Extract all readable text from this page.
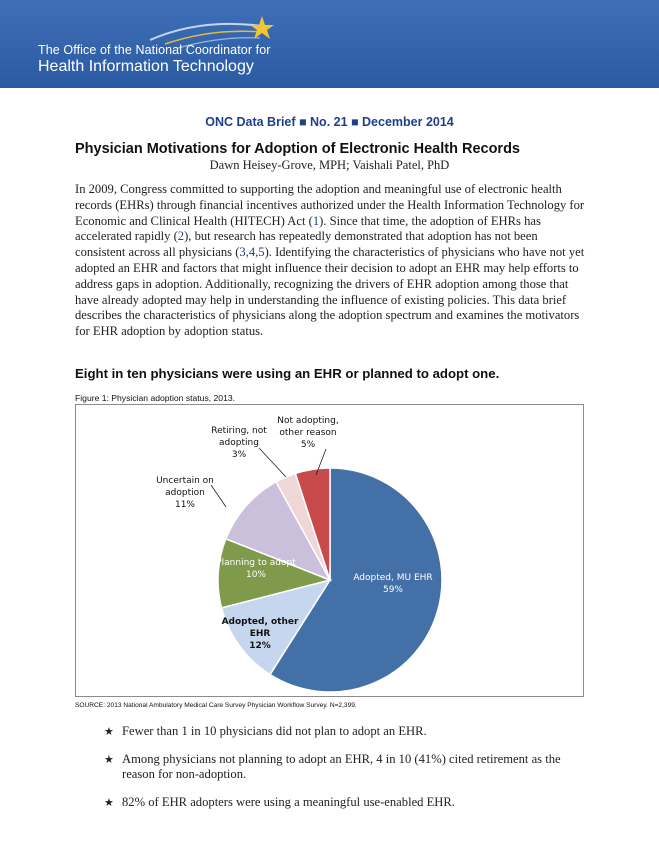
The Office of the National Coordinator for
Health Information Technology
ONC Data Brief ■ No. 21 ■ December 2014
Physician Motivations for Adoption of Electronic Health Records
Dawn Heisey-Grove, MPH; Vaishali Patel, PhD

In 2009, Congress committed to supporting the adoption and meaningful use of electronic health records (EHRs) through financial incentives authorized under the Health Information Technology for Economic and Clinical Health (HITECH) Act (1). Since that time, the adoption of EHRs has accelerated rapidly (2), but research has repeatedly demonstrated that adoption has not been consistent across all physicians (3,4,5). Identifying the characteristics of physicians who have not yet adopted an EHR and factors that might influence their decision to adopt an EHR may help efforts to address gaps in adoption. Additionally, recognizing the drivers of EHR adoption among those that have already adopted may help in understanding the influence of existing policies. This data brief describes the characteristics of physicians along the adoption spectrum and examines the motivators for EHR adoption by adoption status.

Eight in ten physicians were using an EHR or planned to adopt one.
Figure 1: Physician adoption status, 2013.
Adopted, MU EHR 59%
Adopted, other EHR 12%
Planning to adopt 10%
Uncertain on adoption 11%
Retiring, not adopting 3%
Not adopting, other reason 5%
SOURCE: 2013 National Ambulatory Medical Care Survey Physician Workflow Survey. N=2,399.
★ Fewer than 1 in 10 physicians did not plan to adopt an EHR.
★ Among physicians not planning to adopt an EHR, 4 in 10 (41%) cited retirement as the reason for non-adoption.
★ 82% of EHR adopters were using a meaningful use-enabled EHR.
